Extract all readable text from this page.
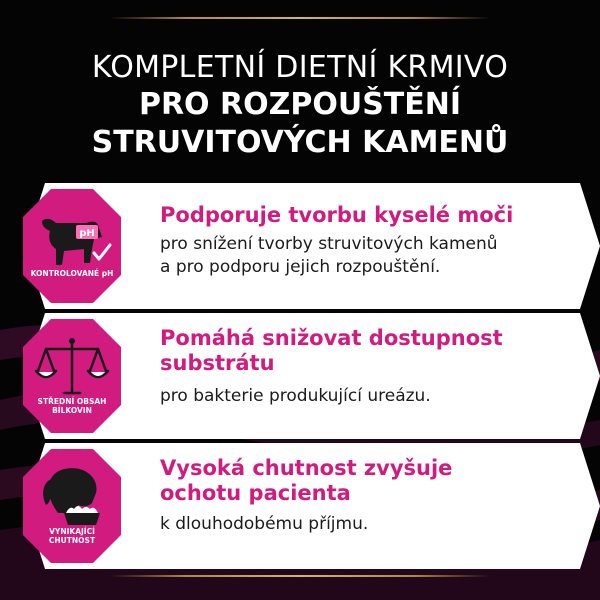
KOMPLETNÍ DIETNÍ KRMIVO
PRO ROZPOUŠTĚNÍ
STRUVITOVÝCH KAMENŮ
pH
KONTROLOVANÉ pH
Podporuje tvorbu kyselé moči
pro snížení tvorby struvitových kamenů
a pro podporu jejich rozpouštění.
STŘEDNÍ OBSAH
BÍLKOVIN
Pomáhá snižovat dostupnost
substrátu
pro bakterie produkující ureázu.
VYNIKAJÍCÍ
CHUTNOST
Vysoká chutnost zvyšuje
ochotu pacienta
k dlouhodobému příjmu.
